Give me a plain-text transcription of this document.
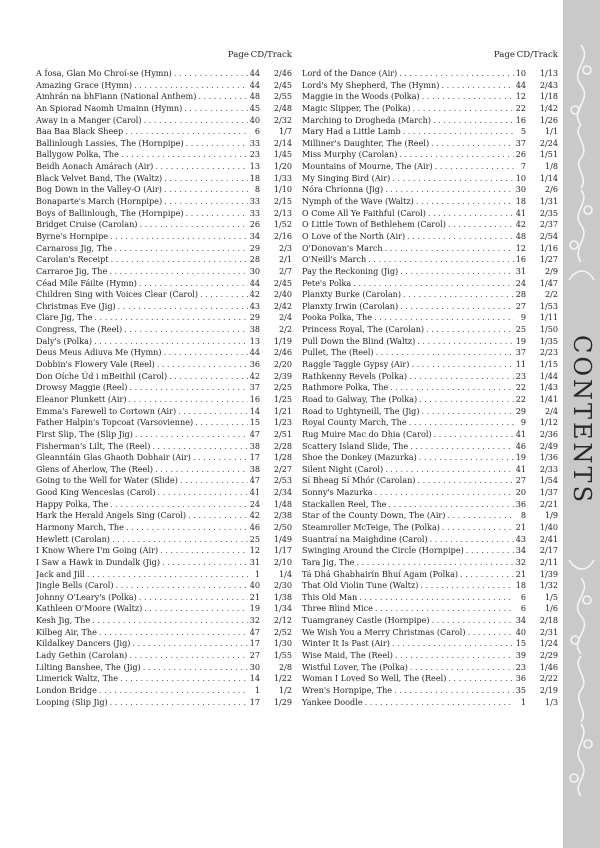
Page CD/Track
A Íosa, Glan Mo Chroí-se (Hymn) . . .	44	2/46
Amazing Grace (Hymn) . . .	44	2/45
Amhrán na bhFiann (National Anthem) . . .	48	2/55
An Spiorad Naomh Umainn (Hymn) . . .	45	2/48
Away in a Manger (Carol) . . .	40	2/32
Baa Baa Black Sheep . . .	6	1/7
Ballinlough Lassies, The (Hornpipe) . . .	33	2/14
Ballygow Polka, The . . .	23	1/45
Beidh Aonach Amárach (Air) . . .	13	1/20
Black Velvet Band, The (Waltz) . . .	18	1/33
Bog Down in the Valley-O (Air) . . .	8	1/10
Bonaparte's March (Hornpipe) . . .	33	2/15
Boys of Ballinlough, The (Hornpipe) . . .	33	2/13
Bridget Cruise (Carolan) . . .	26	1/52
Byrne's Hornpipe . . .	34	2/16
Carnaross Jig, The . . .	29	2/3
Carolan's Receipt . . .	28	2/1
Carraroe Jig, The . . .	30	2/7
Céad Míle Fáilte (Hymn) . . .	44	2/45
Children Sing with Voices Clear (Carol) . . .	42	2/40
Christmas Eve (Jig) . . .	43	2/42
Clare Jig, The . . .	29	2/4
Congress, The (Reel) . . .	38	2/2
Daly's (Polka) . . .	13	1/19
Deus Meus Adiuva Me (Hymn) . . .	44	2/46
Dobbin's Flowery Vale (Reel) . . .	36	2/20
Don Oíche Úd i mBeithil (Carol) . . .	42	2/39
Drowsy Maggie (Reel) . . .	37	2/25
Eleanor Plunkett (Air) . . .	16	1/25
Emma's Farewell to Cortown (Air) . . .	14	1/21
Father Halpin's Topcoat (Varsovienne) . . .	15	1/23
First Slip, The (Slip Jig) . . .	47	2/51
Fisherman's Lilt, The (Reel) . . .	38	2/28
Gleanntáin Glas Ghaoth Dobhair (Air) . . .	17	1/28
Glens of Aherlow, The (Reel) . . .	38	2/27
Going to the Well for Water (Slide) . . .	47	2/53
Good King Wenceslas (Carol) . . .	41	2/34
Happy Polka, The . . .	24	1/48
Hark the Herald Angels Sing (Carol) . . .	42	2/38
Harmony March, The . . .	46	2/50
Hewlett (Carolan) . . .	25	1/49
I Know Where I'm Going (Air) . . .	12	1/17
I Saw a Hawk in Dundalk (Jig) . . .	31	2/10
Jack and Jill . . .	1	1/4
Jingle Bells (Carol) . . .	40	2/30
Johnny O'Leary's (Polka) . . .	21	1/38
Kathleen O'Moore (Waltz) . . .	19	1/34
Kesh Jig, The . . .	32	2/12
Kilbeg Air, The . . .	47	2/52
Kildalkey Dancers (Jig) . . .	17	1/30
Lady Gethin (Carolan) . . .	27	1/55
Lilting Banshee, The (Jig) . . .	30	2/8
Limerick Waltz, The . . .	14	1/22
London Bridge . . .	1	1/2
Looping (Slip Jig) . . .	17	1/29
Page CD/Track
Lord of the Dance (Air) . . .	10	1/13
Lord's My Shepherd, The (Hymn) . . .	44	2/43
Maggie in the Woods (Polka) . . .	12	1/18
Magic Slipper, The (Polka) . . .	22	1/42
Marching to Drogheda (March) . . .	16	1/26
Mary Had a Little Lamb . . .	5	1/1
Milliner's Daughter, The (Reel) . . .	37	2/24
Miss Murphy (Carolan) . . .	26	1/51
Mountains of Mourne, The (Air) . . .	7	1/8
My Singing Bird (Air) . . .	10	1/14
Nóra Chríonna (Jig) . . .	30	2/6
Nymph of the Wave (Waltz) . . .	18	1/31
O Come All Ye Faithful (Carol) . . .	41	2/35
O Little Town of Bethlehem (Carol) . . .	42	2/37
O Love of the North (Air) . . .	48	2/54
O'Donovan's March . . .	12	1/16
O'Neill's March . . .	16	1/27
Pay the Reckoning (Jig) . . .	31	2/9
Pete's Polka . . .	24	1/47
Planxty Burke (Carolan) . . .	28	2/2
Planxty Irwin (Carolan) . . .	27	1/53
Pooka Polka, The . . .	9	1/11
Princess Royal, The (Carolan) . . .	25	1/50
Pull Down the Blind (Waltz) . . .	19	1/35
Pullet, The (Reel) . . .	37	2/23
Raggle Taggle Gypsy (Air) . . .	11	1/15
Rathkenny Revels (Polka) . . .	23	1/44
Rathmore Polka, The . . .	22	1/43
Road to Galway, The (Polka) . . .	22	1/41
Road to Ughtyneill, The (Jig) . . .	29	2/4
Royal County March, The . . .	9	1/12
Rug Muire Mac do Dhia (Carol) . . .	41	2/36
Scattery Island Slide, The . . .	46	2/49
Shoe the Donkey (Mazurka) . . .	19	1/36
Silent Night (Carol) . . .	41	2/33
Sí Bheag Sí Mhór (Carolan) . . .	27	1/54
Sonny's Mazurka . . .	20	1/37
Stackallen Reel, The . . .	36	2/21
Star of the County Down, The (Air) . . .	8	1/9
Steamroller McTeige, The (Polka) . . .	21	1/40
Suantraí na Maighdine (Carol) . . .	43	2/41
Swinging Around the Circle (Hornpipe) . . .	34	2/17
Tara Jig, The . . .	32	2/11
Tá Dhá Ghabhairín Bhuí Agam (Polka) . . .	21	1/39
That Old Violin Tune (Waltz) . . .	18	1/32
This Old Man . . .	6	1/5
Three Blind Mice . . .	6	1/6
Tuamgraney Castle (Hornpipe) . . .	34	2/18
We Wish You a Merry Christmas (Carol) . . .	40	2/31
Winter It Is Past (Air) . . .	15	1/24
Wise Maid, The (Reel) . . .	39	2/29
Wistful Lover, The (Polka) . . .	23	1/46
Woman I Loved So Well, The (Reel) . . .	36	2/22
Wren's Hornpipe, The . . .	35	2/19
Yankee Doodle . . .	1	1/3
CONTENTS
